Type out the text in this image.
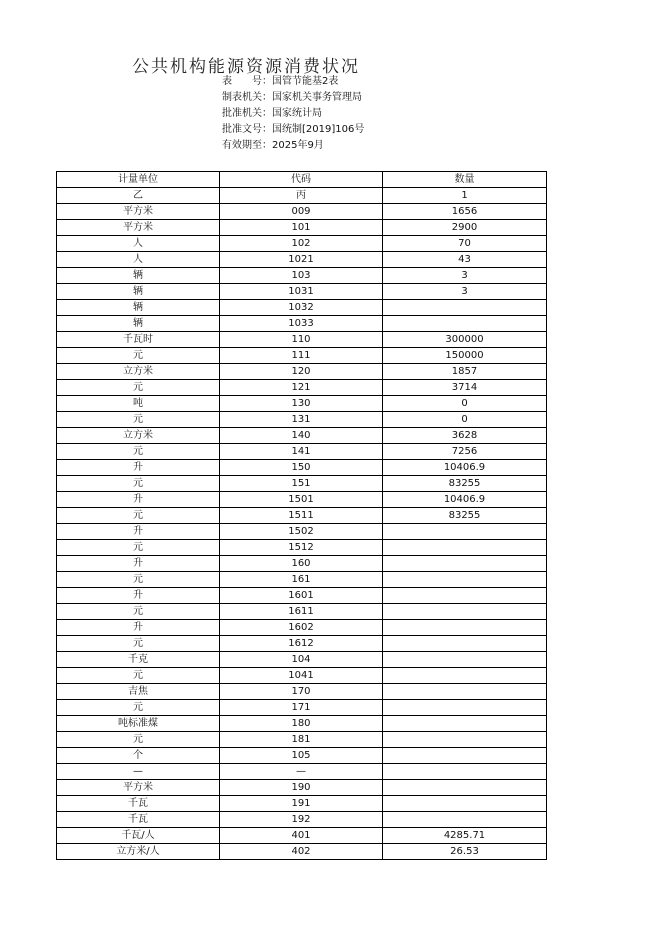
公共机构能源资源消费状况
表　　号：国管节能基2表
制表机关：国家机关事务管理局
批准机关：国家统计局
批准文号：国统制[2019]106号
有效期至：2025年9月
计量单位	代码	数量
乙	丙	1
平方米	009	1656
平方米	101	2900
人	102	70
人	1021	43
辆	103	3
辆	1031	3
辆	1032	
辆	1033	
千瓦时	110	300000
元	111	150000
立方米	120	1857
元	121	3714
吨	130	0
元	131	0
立方米	140	3628
元	141	7256
升	150	10406.9
元	151	83255
升	1501	10406.9
元	1511	83255
升	1502	
元	1512	
升	160	
元	161	
升	1601	
元	1611	
升	1602	
元	1612	
千克	104	
元	1041	
吉焦	170	
元	171	
吨标准煤	180	
元	181	
个	105	
—	—	
平方米	190	
千瓦	191	
千瓦	192	
千瓦/人	401	4285.71
立方米/人	402	26.53
